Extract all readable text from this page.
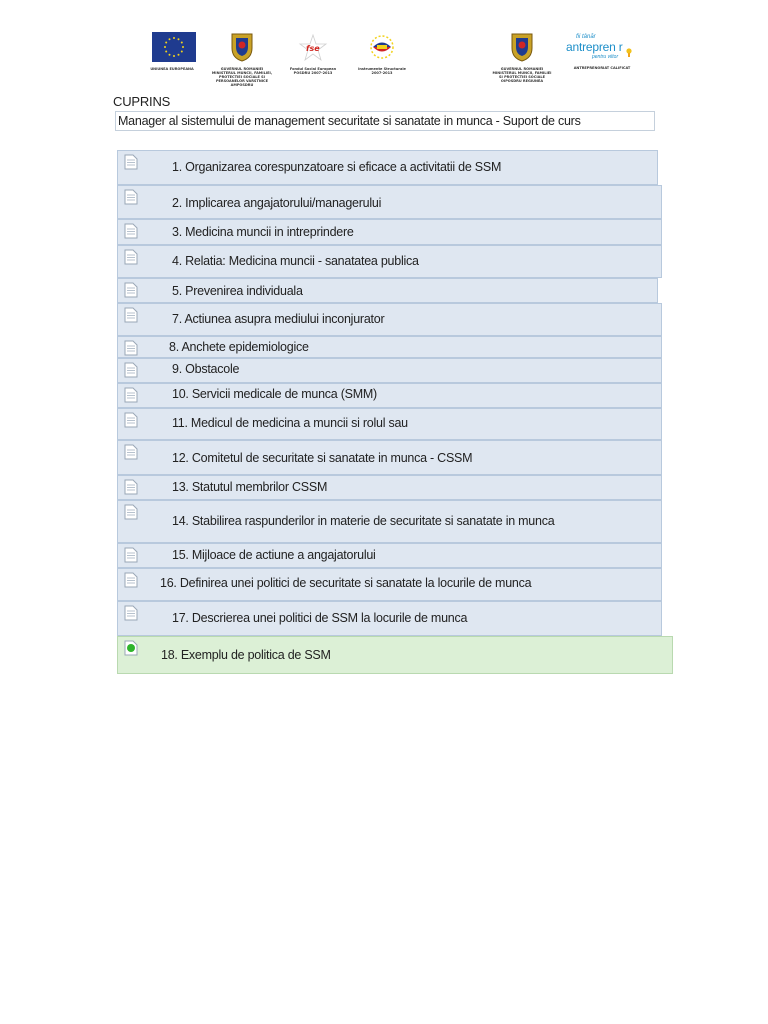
UNIUNEA EUROPEANA	GUVERNUL ROMANIEI
MINISTERUL MUNCII, FAMILIEI,
PROTECTIEI SOCIALE SI
PERSOANELOR VARSTNICE
AMPOSDRU
fse
Fondul Social European
POSDRU 2007-2013
Instrumente Structurale
2007-2013
GUVERNUL ROMANIEI
MINISTERUL MUNCII, FAMILIEI
SI PROTECTIEI SOCIALE
OIPOSDRU REGIUNEA
fii tânăr
antrepren r
pentru viitor
ANTREPRENORIAT CALIFICAT
CUPRINS
Manager al sistemului de management securitate si sanatate in munca - Suport de curs
1. Organizarea corespunzatoare si eficace a activitatii de SSM
2. Implicarea angajatorului/managerului
3. Medicina muncii in intreprindere
4. Relatia: Medicina muncii - sanatatea publica
5. Prevenirea individuala
7. Actiunea asupra mediului inconjurator
8. Anchete epidemiologice
9. Obstacole
10. Servicii medicale de munca (SMM)
11. Medicul de medicina a muncii si rolul sau
12. Comitetul de securitate si sanatate in munca - CSSM
13. Statutul membrilor CSSM
14. Stabilirea raspunderilor in materie de securitate si sanatate in munca
15. Mijloace de actiune a angajatorului
16. Definirea unei politici de securitate si sanatate la locurile de munca
17. Descrierea unei politici de SSM la locurile de munca
18. Exemplu de politica de SSM
